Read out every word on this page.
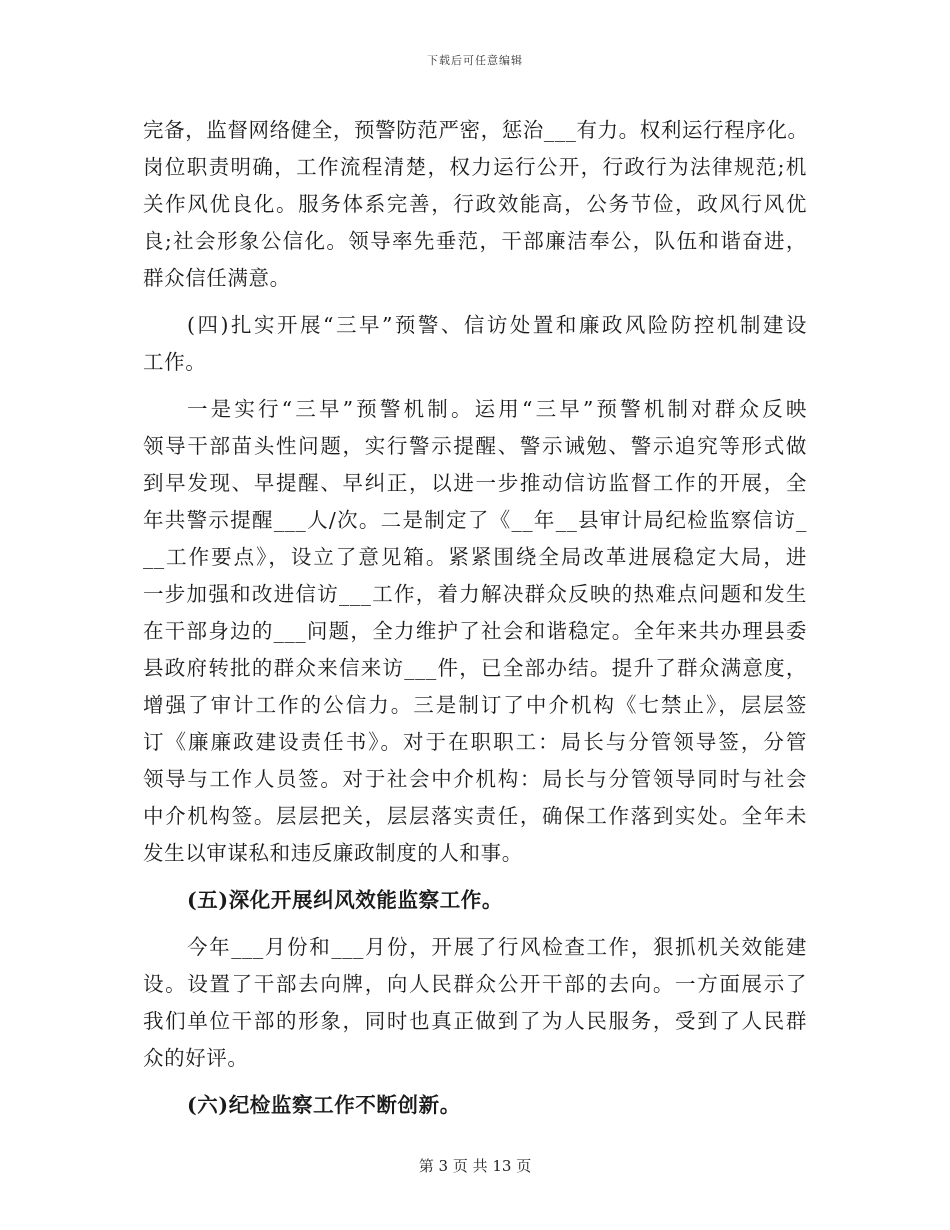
下载后可任意编辑
完备，监督网络健全，预警防范严密，惩治___有力。权利运行程序化。
岗位职责明确，工作流程清楚，权力运行公开，行政行为法律规范;机
关作风优良化。服务体系完善，行政效能高，公务节俭，政风行风优
良;社会形象公信化。领导率先垂范，干部廉洁奉公，队伍和谐奋进，
群众信任满意。
(四)扎实开展“三早”预警、信访处置和廉政风险防控机制建设
工作。
一是实行“三早”预警机制。运用“三早”预警机制对群众反映
领导干部苗头性问题，实行警示提醒、警示诫勉、警示追究等形式做
到早发现、早提醒、早纠正，以进一步推动信访监督工作的开展，全
年共警示提醒___人/次。二是制定了《__年__县审计局纪检监察信访_
__工作要点》，设立了意见箱。紧紧围绕全局改革进展稳定大局，进
一步加强和改进信访___工作，着力解决群众反映的热难点问题和发生
在干部身边的___问题，全力维护了社会和谐稳定。全年来共办理县委
县政府转批的群众来信来访___件，已全部办结。提升了群众满意度，
增强了审计工作的公信力。三是制订了中介机构《七禁止》，层层签
订《廉廉政建设责任书》。对于在职职工：局长与分管领导签，分管
领导与工作人员签。对于社会中介机构：局长与分管领导同时与社会
中介机构签。层层把关，层层落实责任，确保工作落到实处。全年未
发生以审谋私和违反廉政制度的人和事。
(五)深化开展纠风效能监察工作。
今年___月份和___月份，开展了行风检查工作，狠抓机关效能建
设。设置了干部去向牌，向人民群众公开干部的去向。一方面展示了
我们单位干部的形象，同时也真正做到了为人民服务，受到了人民群
众的好评。
(六)纪检监察工作不断创新。
第 3 页 共 13 页
